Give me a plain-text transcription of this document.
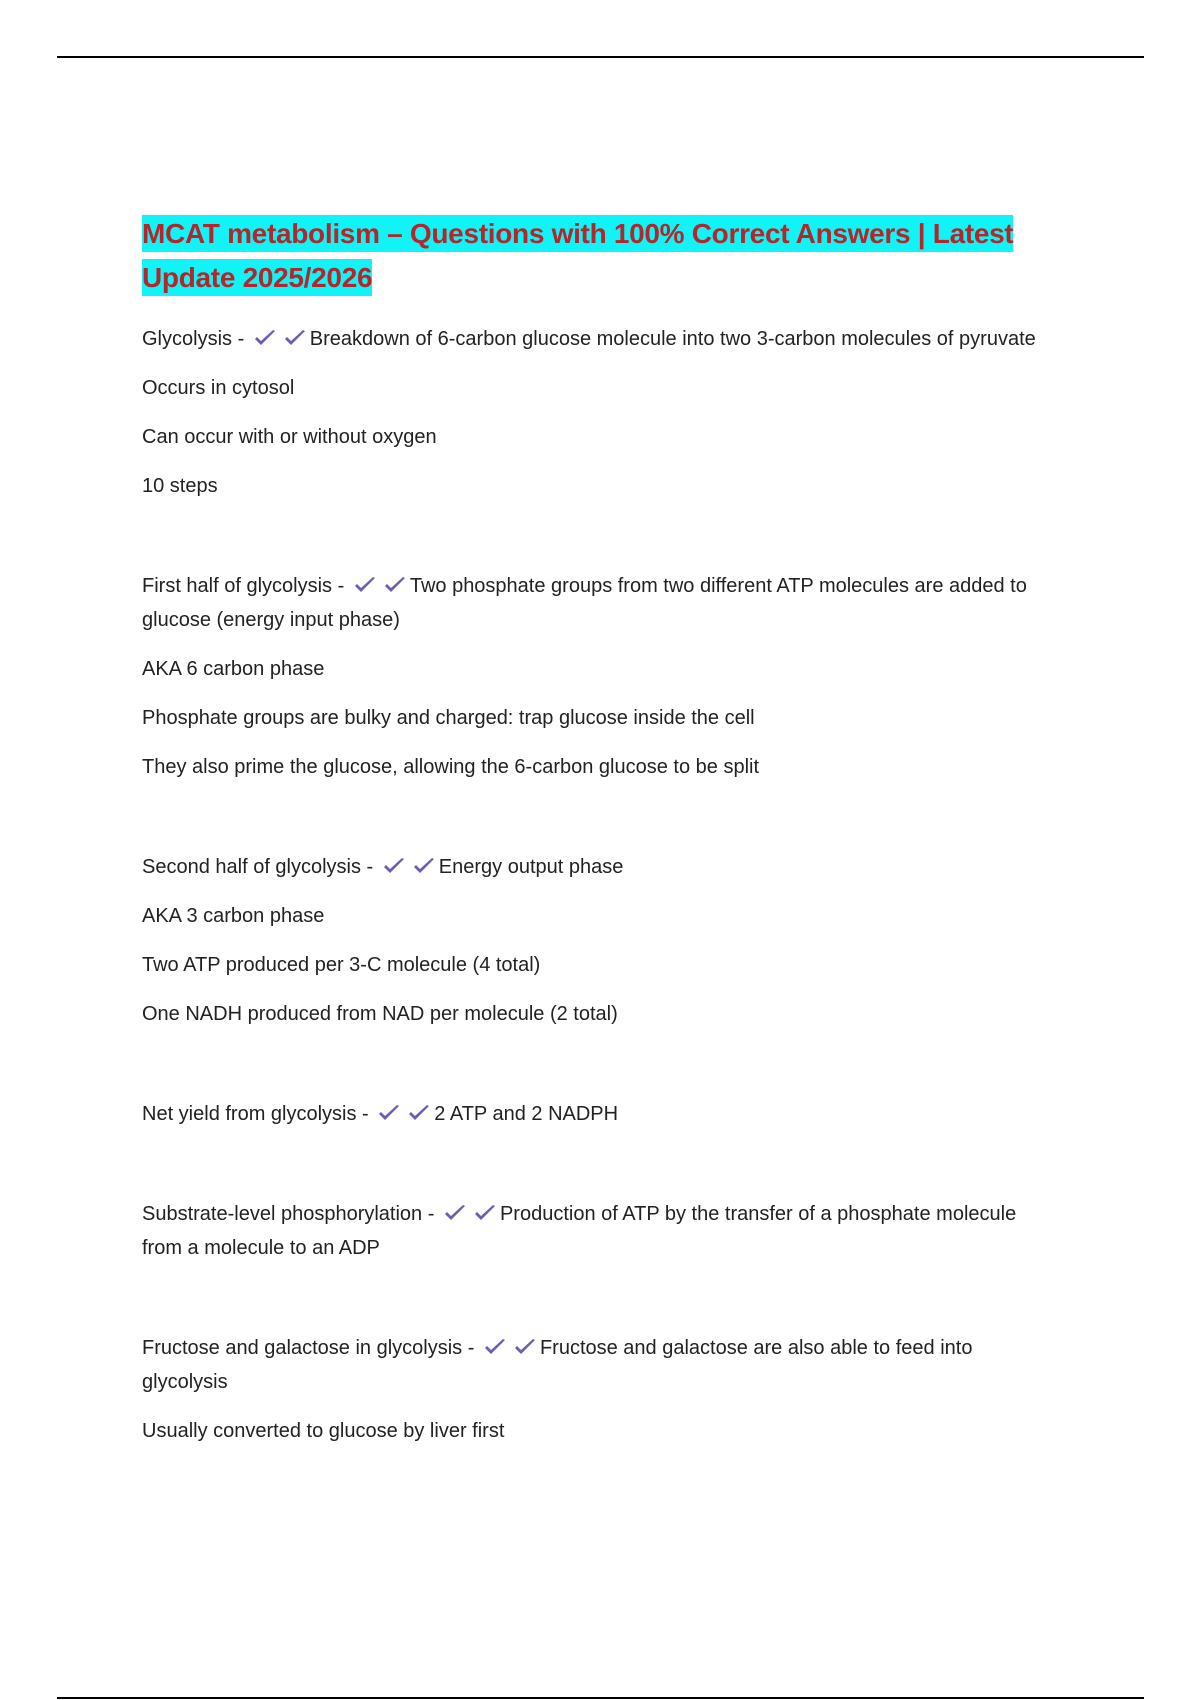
MCAT metabolism – Questions with 100% Correct Answers | Latest Update 2025/2026

Glycolysis -	Breakdown of 6-carbon glucose molecule into two 3-carbon molecules of pyruvate

Occurs in cytosol

Can occur with or without oxygen

10 steps

First half of glycolysis -	Two phosphate groups from two different ATP molecules are added to glucose (energy input phase)

AKA 6 carbon phase

Phosphate groups are bulky and charged: trap glucose inside the cell

They also prime the glucose, allowing the 6-carbon glucose to be split

Second half of glycolysis -	Energy output phase

AKA 3 carbon phase

Two ATP produced per 3-C molecule (4 total)

One NADH produced from NAD per molecule (2 total)

Net yield from glycolysis -	2 ATP and 2 NADPH

Substrate-level phosphorylation -	Production of ATP by the transfer of a phosphate molecule from a molecule to an ADP

Fructose and galactose in glycolysis -	Fructose and galactose are also able to feed into glycolysis

Usually converted to glucose by liver first
